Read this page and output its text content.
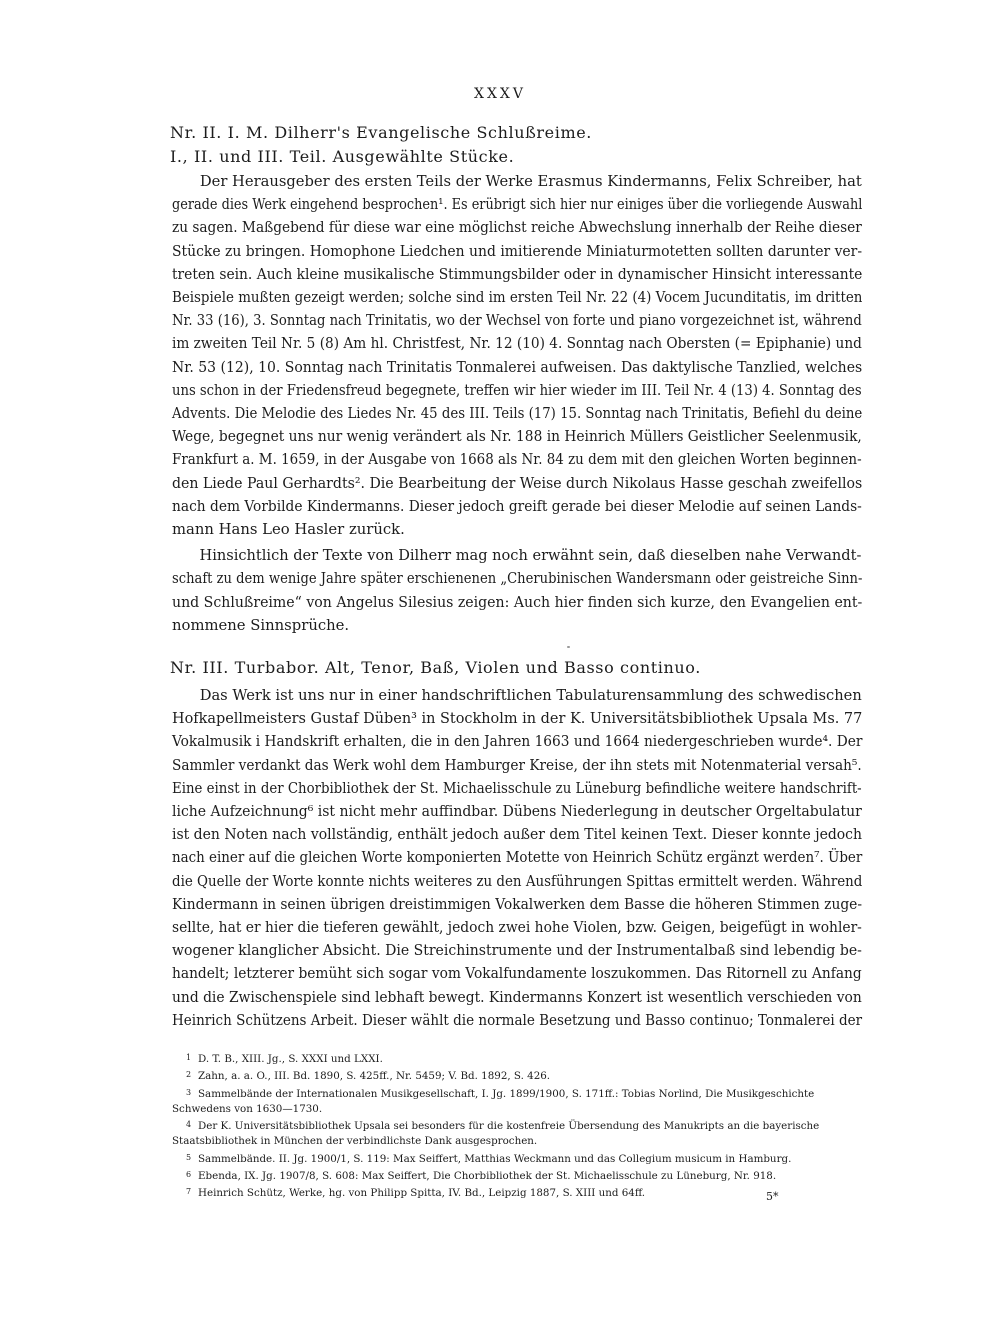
XXXV
Nr. II. I. M. Dilherr's Evangelische Schlußreime.
I., II. und III. Teil. Ausgewählte Stücke.
Der Herausgeber des ersten Teils der Werke Erasmus Kindermanns, Felix Schreiber, hat
gerade dies Werk eingehend besprochen¹. Es erübrigt sich hier nur einiges über die vorliegende Auswahl
zu sagen. Maßgebend für diese war eine möglichst reiche Abwechslung innerhalb der Reihe dieser
Stücke zu bringen. Homophone Liedchen und imitierende Miniaturmotetten sollten darunter ver-
treten sein. Auch kleine musikalische Stimmungsbilder oder in dynamischer Hinsicht interessante
Beispiele mußten gezeigt werden; solche sind im ersten Teil Nr. 22 (4) Vocem Jucunditatis, im dritten
Nr. 33 (16), 3. Sonntag nach Trinitatis, wo der Wechsel von forte und piano vorgezeichnet ist, während
im zweiten Teil Nr. 5 (8) Am hl. Christfest, Nr. 12 (10) 4. Sonntag nach Obersten (= Epiphanie) und
Nr. 53 (12), 10. Sonntag nach Trinitatis Tonmalerei aufweisen. Das daktylische Tanzlied, welches
uns schon in der Friedensfreud begegnete, treffen wir hier wieder im III. Teil Nr. 4 (13) 4. Sonntag des
Advents. Die Melodie des Liedes Nr. 45 des III. Teils (17) 15. Sonntag nach Trinitatis, Befiehl du deine
Wege, begegnet uns nur wenig verändert als Nr. 188 in Heinrich Müllers Geistlicher Seelenmusik,
Frankfurt a. M. 1659, in der Ausgabe von 1668 als Nr. 84 zu dem mit den gleichen Worten beginnen-
den Liede Paul Gerhardts². Die Bearbeitung der Weise durch Nikolaus Hasse geschah zweifellos
nach dem Vorbilde Kindermanns. Dieser jedoch greift gerade bei dieser Melodie auf seinen Lands-
mann Hans Leo Hasler zurück.
Hinsichtlich der Texte von Dilherr mag noch erwähnt sein, daß dieselben nahe Verwandt-
schaft zu dem wenige Jahre später erschienenen „Cherubinischen Wandersmann oder geistreiche Sinn-
und Schlußreime“ von Angelus Silesius zeigen: Auch hier finden sich kurze, den Evangelien ent-
nommene Sinnsprüche.
Nr. III. Turbabor. Alt, Tenor, Baß, Violen und Basso continuo.
Das Werk ist uns nur in einer handschriftlichen Tabulaturensammlung des schwedischen
Hofkapellmeisters Gustaf Düben³ in Stockholm in der K. Universitätsbibliothek Upsala Ms. 77
Vokalmusik i Handskrift erhalten, die in den Jahren 1663 und 1664 niedergeschrieben wurde⁴. Der
Sammler verdankt das Werk wohl dem Hamburger Kreise, der ihn stets mit Notenmaterial versah⁵.
Eine einst in der Chorbibliothek der St. Michaelisschule zu Lüneburg befindliche weitere handschrift-
liche Aufzeichnung⁶ ist nicht mehr auffindbar. Dübens Niederlegung in deutscher Orgeltabulatur
ist den Noten nach vollständig, enthält jedoch außer dem Titel keinen Text. Dieser konnte jedoch
nach einer auf die gleichen Worte komponierten Motette von Heinrich Schütz ergänzt werden⁷. Über
die Quelle der Worte konnte nichts weiteres zu den Ausführungen Spittas ermittelt werden. Während
Kindermann in seinen übrigen dreistimmigen Vokalwerken dem Basse die höheren Stimmen zuge-
sellte, hat er hier die tieferen gewählt, jedoch zwei hohe Violen, bzw. Geigen, beigefügt in wohler-
wogener klanglicher Absicht. Die Streichinstrumente und der Instrumentalbaß sind lebendig be-
handelt; letzterer bemüht sich sogar vom Vokalfundamente loszukommen. Das Ritornell zu Anfang
und die Zwischenspiele sind lebhaft bewegt. Kindermanns Konzert ist wesentlich verschieden von
Heinrich Schützens Arbeit. Dieser wählt die normale Besetzung und Basso continuo; Tonmalerei der
1 D. T. B., XIII. Jg., S. XXXI und LXXI.
2 Zahn, a. a. O., III. Bd. 1890, S. 425ff., Nr. 5459; V. Bd. 1892, S. 426.
3 Sammelbände der Internationalen Musikgesellschaft, I. Jg. 1899/1900, S. 171ff.: Tobias Norlind, Die Musikgeschichte
Schwedens von 1630—1730.
4 Der K. Universitätsbibliothek Upsala sei besonders für die kostenfreie Übersendung des Manukripts an die bayerische
Staatsbibliothek in München der verbindlichste Dank ausgesprochen.
5 Sammelbände. II. Jg. 1900/1, S. 119: Max Seiffert, Matthias Weckmann und das Collegium musicum in Hamburg.
6 Ebenda, IX. Jg. 1907/8, S. 608: Max Seiffert, Die Chorbibliothek der St. Michaelisschule zu Lüneburg, Nr. 918.
7 Heinrich Schütz, Werke, hg. von Philipp Spitta, IV. Bd., Leipzig 1887, S. XIII und 64ff.	5*
